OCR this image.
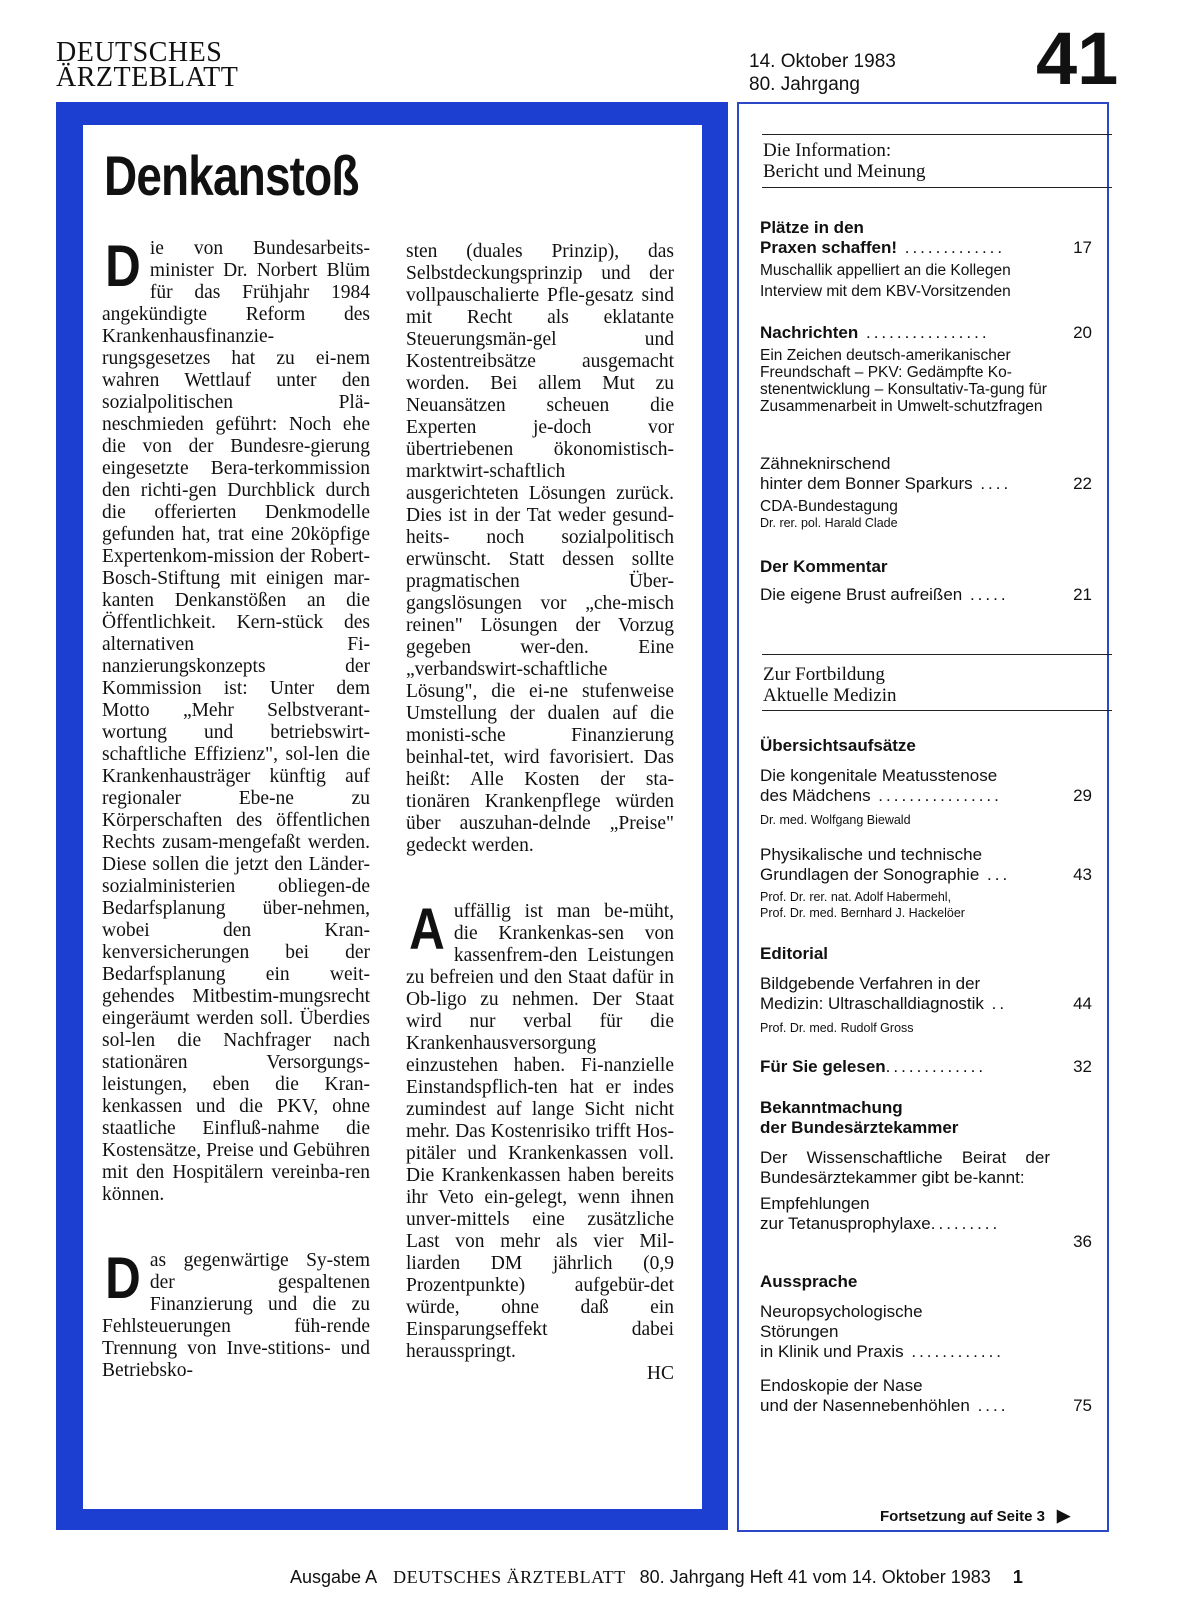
DEUTSCHES
ÄRZTEBLATT
14. Oktober 1983
80. Jahrgang	41
Denkanstoß

Die von Bundesarbeits-minister Dr. Norbert Blüm für das Frühjahr 1984 angekündigte Reform des Krankenhausfinanzie-rungsgesetzes hat zu ei-nem wahren Wettlauf unter den sozialpolitischen Plä-neschmieden geführt: Noch ehe die von der Bundesre-gierung eingesetzte Bera-terkommission den richti-gen Durchblick durch die offerierten Denkmodelle gefunden hat, trat eine 20köpfige Expertenkom-mission der Robert-Bosch-Stiftung mit einigen mar-kanten Denkanstößen an die Öffentlichkeit. Kern-stück des alternativen Fi-nanzierungskonzepts der Kommission ist: Unter dem Motto „Mehr Selbstverant-wortung und betriebswirt-schaftliche Effizienz", sol-len die Krankenhausträger künftig auf regionaler Ebe-ne zu Körperschaften des öffentlichen Rechts zusam-mengefaßt werden. Diese sollen die jetzt den Länder-sozialministerien obliegen-de Bedarfsplanung über-nehmen, wobei den Kran-kenversicherungen bei der Bedarfsplanung ein weit-gehendes Mitbestim-mungsrecht eingeräumt werden soll. Überdies sol-len die Nachfrager nach stationären Versorgungs-leistungen, eben die Kran-kenkassen und die PKV, ohne staatliche Einfluß-nahme die Kostensätze, Preise und Gebühren mit den Hospitälern vereinba-ren können.

Das gegenwärtige Sy-stem der gespaltenen Finanzierung und die zu Fehlsteuerungen füh-rende Trennung von Inve-stitions- und Betriebsko-

sten (duales Prinzip), das Selbstdeckungsprinzip und der vollpauschalierte Pfle-gesatz sind mit Recht als eklatante Steuerungsmän-gel und Kostentreibsätze ausgemacht worden. Bei allem Mut zu Neuansätzen scheuen die Experten je-doch vor übertriebenen ökonomistisch-marktwirt-schaftlich ausgerichteten Lösungen zurück. Dies ist in der Tat weder gesund-heits- noch sozialpolitisch erwünscht. Statt dessen sollte pragmatischen Über-gangslösungen vor „che-misch reinen" Lösungen der Vorzug gegeben wer-den. Eine „verbandswirt-schaftliche Lösung", die ei-ne stufenweise Umstellung der dualen auf die monisti-sche Finanzierung beinhal-tet, wird favorisiert. Das heißt: Alle Kosten der sta-tionären Krankenpflege würden über auszuhan-delnde „Preise" gedeckt werden.

Auffällig ist man be-müht, die Krankenkas-sen von kassenfrem-den Leistungen zu befreien und den Staat dafür in Ob-ligo zu nehmen. Der Staat wird nur verbal für die Krankenhausversorgung einzustehen haben. Fi-nanzielle Einstandspflich-ten hat er indes zumindest auf lange Sicht nicht mehr. Das Kostenrisiko trifft Hos-pitäler und Krankenkassen voll. Die Krankenkassen haben bereits ihr Veto ein-gelegt, wenn ihnen unver-mittels eine zusätzliche Last von mehr als vier Mil-liarden DM jährlich (0,9 Prozentpunkte) aufgebür-det würde, ohne daß ein Einsparungseffekt dabei herausspringt.

HC

Die Information:
Bericht und Meinung
Plätze in den
Praxen schaffen! .............	17
Muschallik appelliert an die Kollegen
Interview mit dem KBV-Vorsitzenden
Nachrichten ................	20
Ein Zeichen deutsch-amerikanischer Freundschaft – PKV: Gedämpfte Ko-stenentwicklung – Konsultativ-Ta-gung für Zusammenarbeit in Umwelt-schutzfragen
Zähneknirschend
hinter dem Bonner Sparkurs ....	22
CDA-Bundestagung
Dr. rer. pol. Harald Clade
Der Kommentar
Die eigene Brust aufreißen .....	21
Zur Fortbildung
Aktuelle Medizin
Übersichtsaufsätze
Die kongenitale Meatusstenose
des Mädchens ................	29
Dr. med. Wolfgang Biewald
Physikalische und technische
Grundlagen der Sonographie ...	43
Prof. Dr. rer. nat. Adolf Habermehl,
Prof. Dr. med. Bernhard J. Hackelöer
Editorial
Bildgebende Verfahren in der
Medizin: Ultraschalldiagnostik ..	44
Prof. Dr. med. Rudolf Gross
Für Sie gelesen.............	32
Bekanntmachung
der Bundesärztekammer
Der Wissenschaftliche Beirat der Bundesärztekammer gibt be-kannt:
Empfehlungen
zur Tetanusprophylaxe.........
36
Aussprache
Neuropsychologische
Störungen
in Klinik und Praxis ............
Endoskopie der Nase
und der Nasennebenhöhlen ....	75
Fortsetzung auf Seite 3 ▶
Ausgabe A DEUTSCHES ÄRZTEBLATT 80. Jahrgang Heft 41 vom 14. Oktober 1983 1
